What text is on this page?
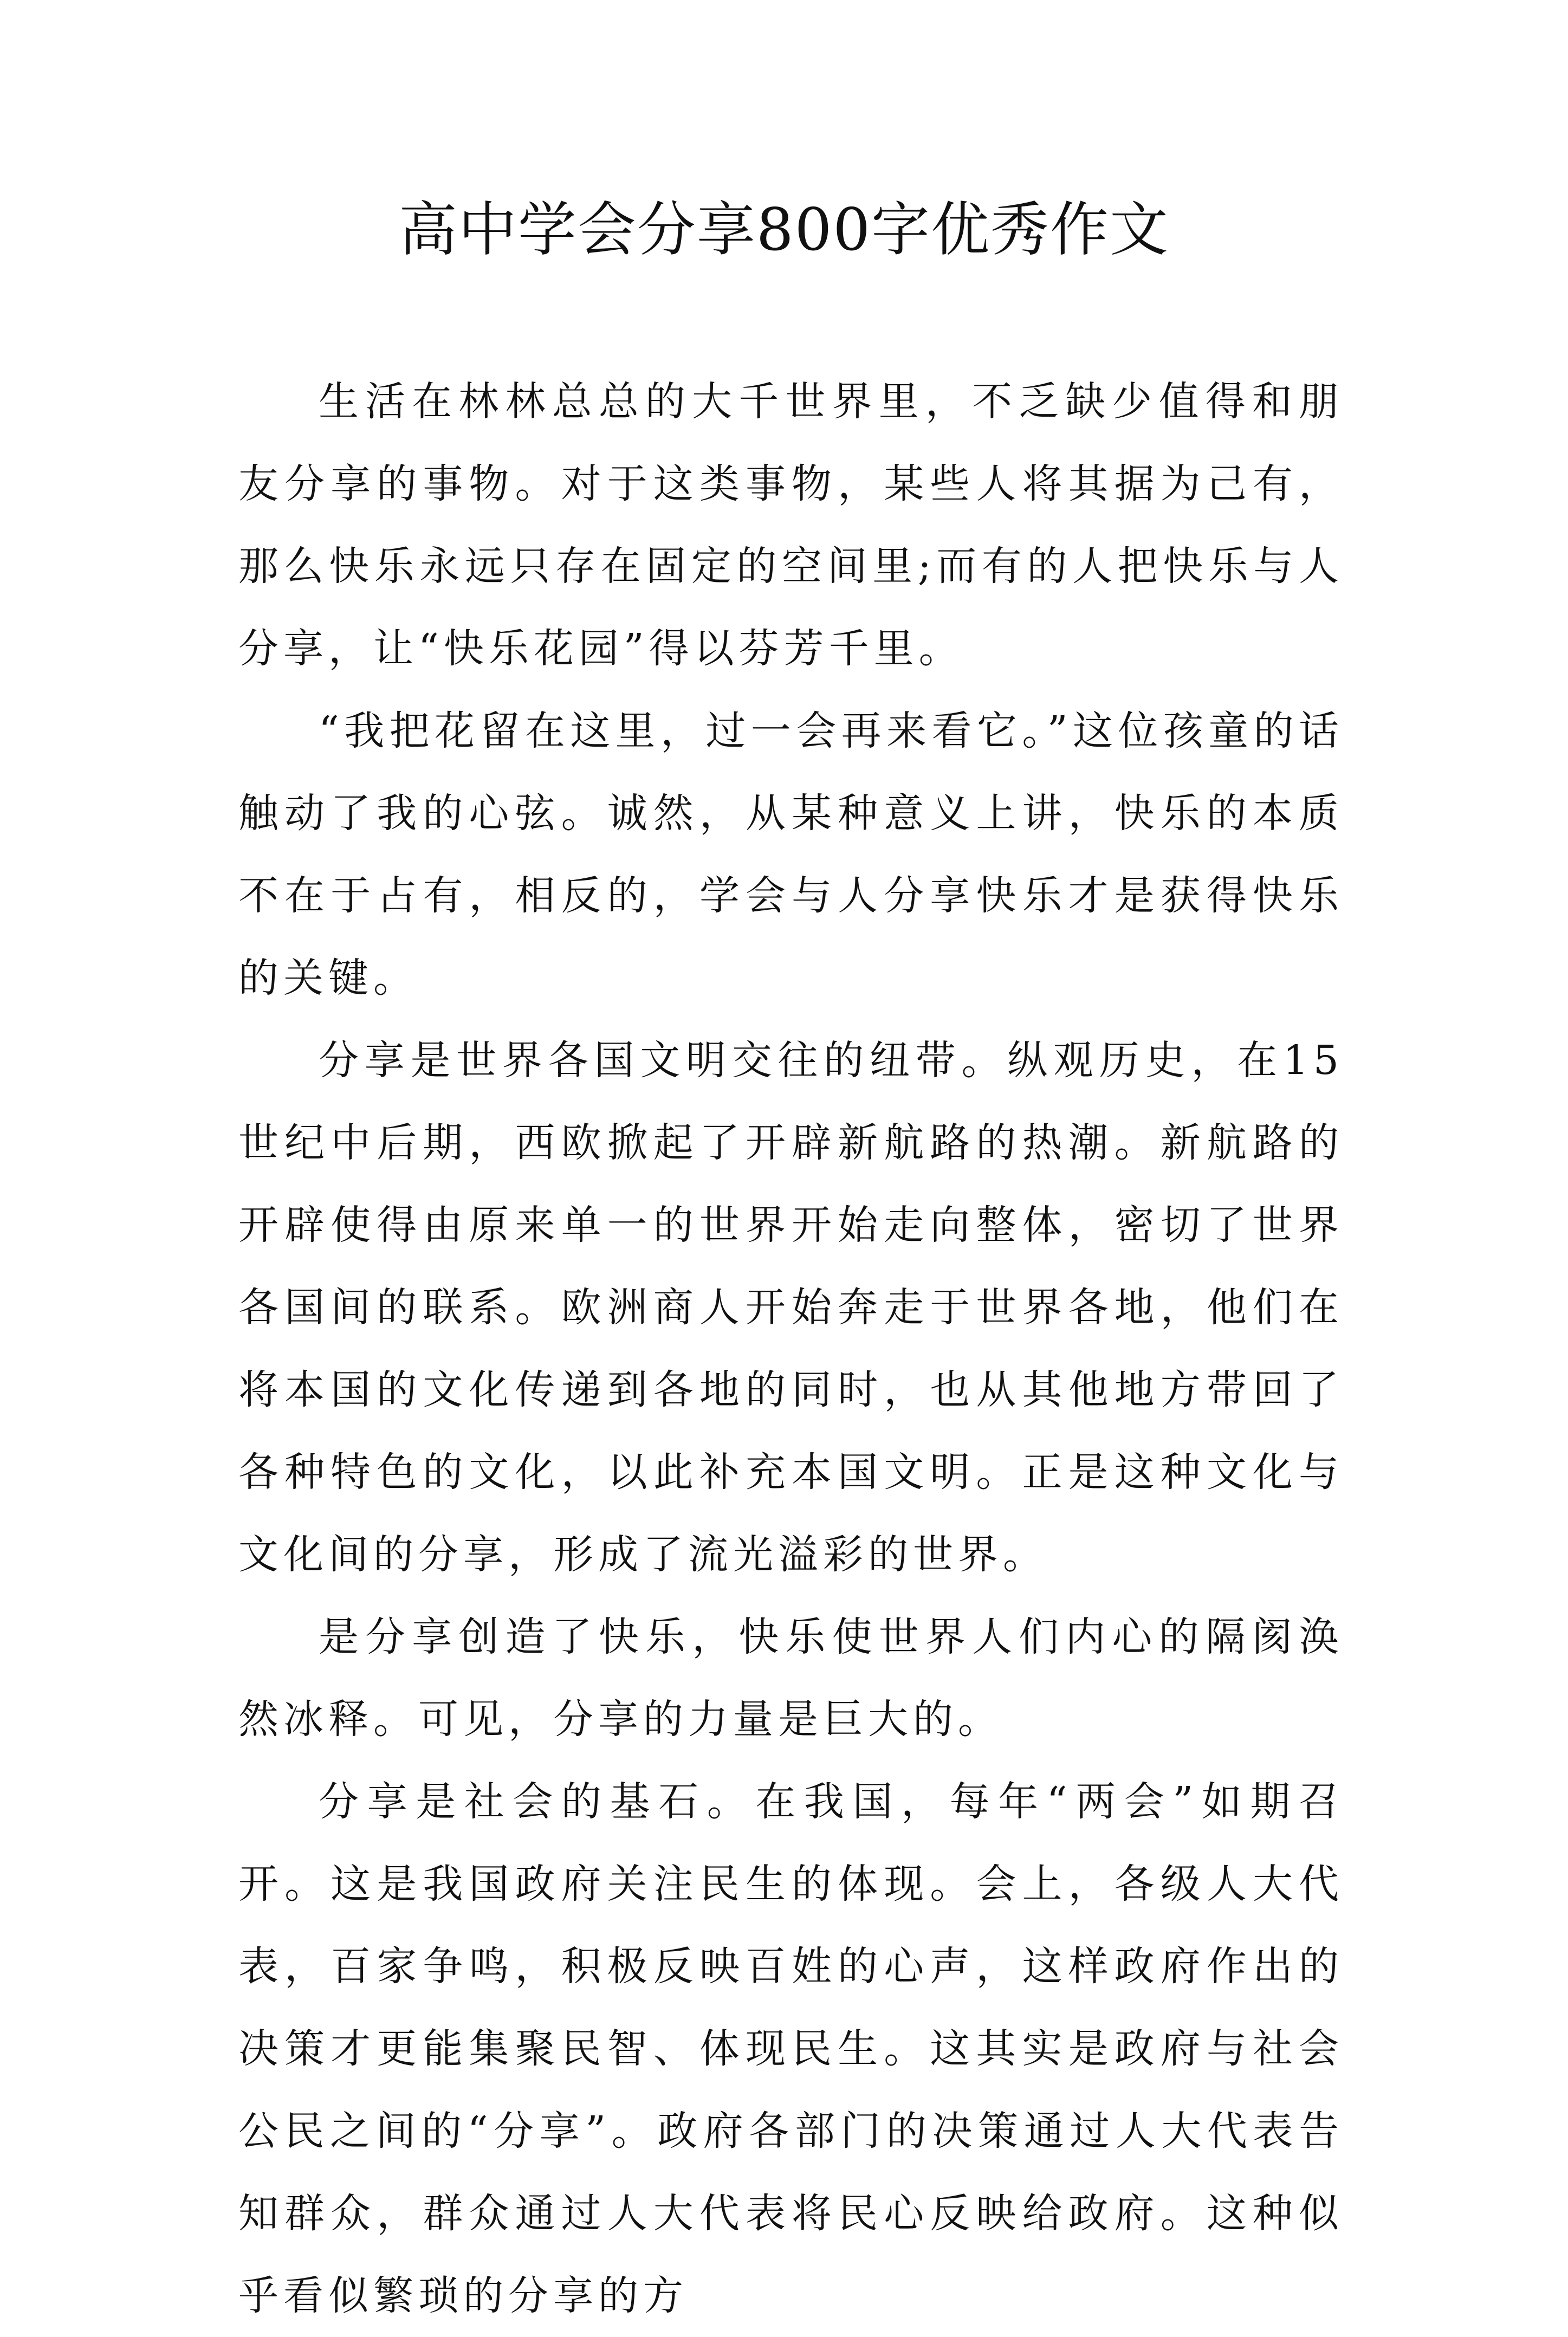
高中学会分享800字优秀作文

生活在林林总总的大千世界里，不乏缺少值得和朋友分享的事物。对于这类事物，某些人将其据为己有，那么快乐永远只存在固定的空间里;而有的人把快乐与人分享，让“快乐花园”得以芬芳千里。

“我把花留在这里，过一会再来看它。”这位孩童的话触动了我的心弦。诚然，从某种意义上讲，快乐的本质不在于占有，相反的，学会与人分享快乐才是获得快乐的关键。

分享是世界各国文明交往的纽带。纵观历史，在15世纪中后期，西欧掀起了开辟新航路的热潮。新航路的开辟使得由原来单一的世界开始走向整体，密切了世界各国间的联系。欧洲商人开始奔走于世界各地，他们在将本国的文化传递到各地的同时，也从其他地方带回了各种特色的文化，以此补充本国文明。正是这种文化与文化间的分享，形成了流光溢彩的世界。

是分享创造了快乐，快乐使世界人们内心的隔阂涣然冰释。可见，分享的力量是巨大的。

分享是社会的基石。在我国，每年“两会”如期召开。这是我国政府关注民生的体现。会上，各级人大代表，百家争鸣，积极反映百姓的心声，这样政府作出的决策才更能集聚民智、体现民生。这其实是政府与社会公民之间的“分享”。政府各部门的决策通过人大代表告知群众，群众通过人大代表将民心反映给政府。这种似乎看似繁琐的分享的方
